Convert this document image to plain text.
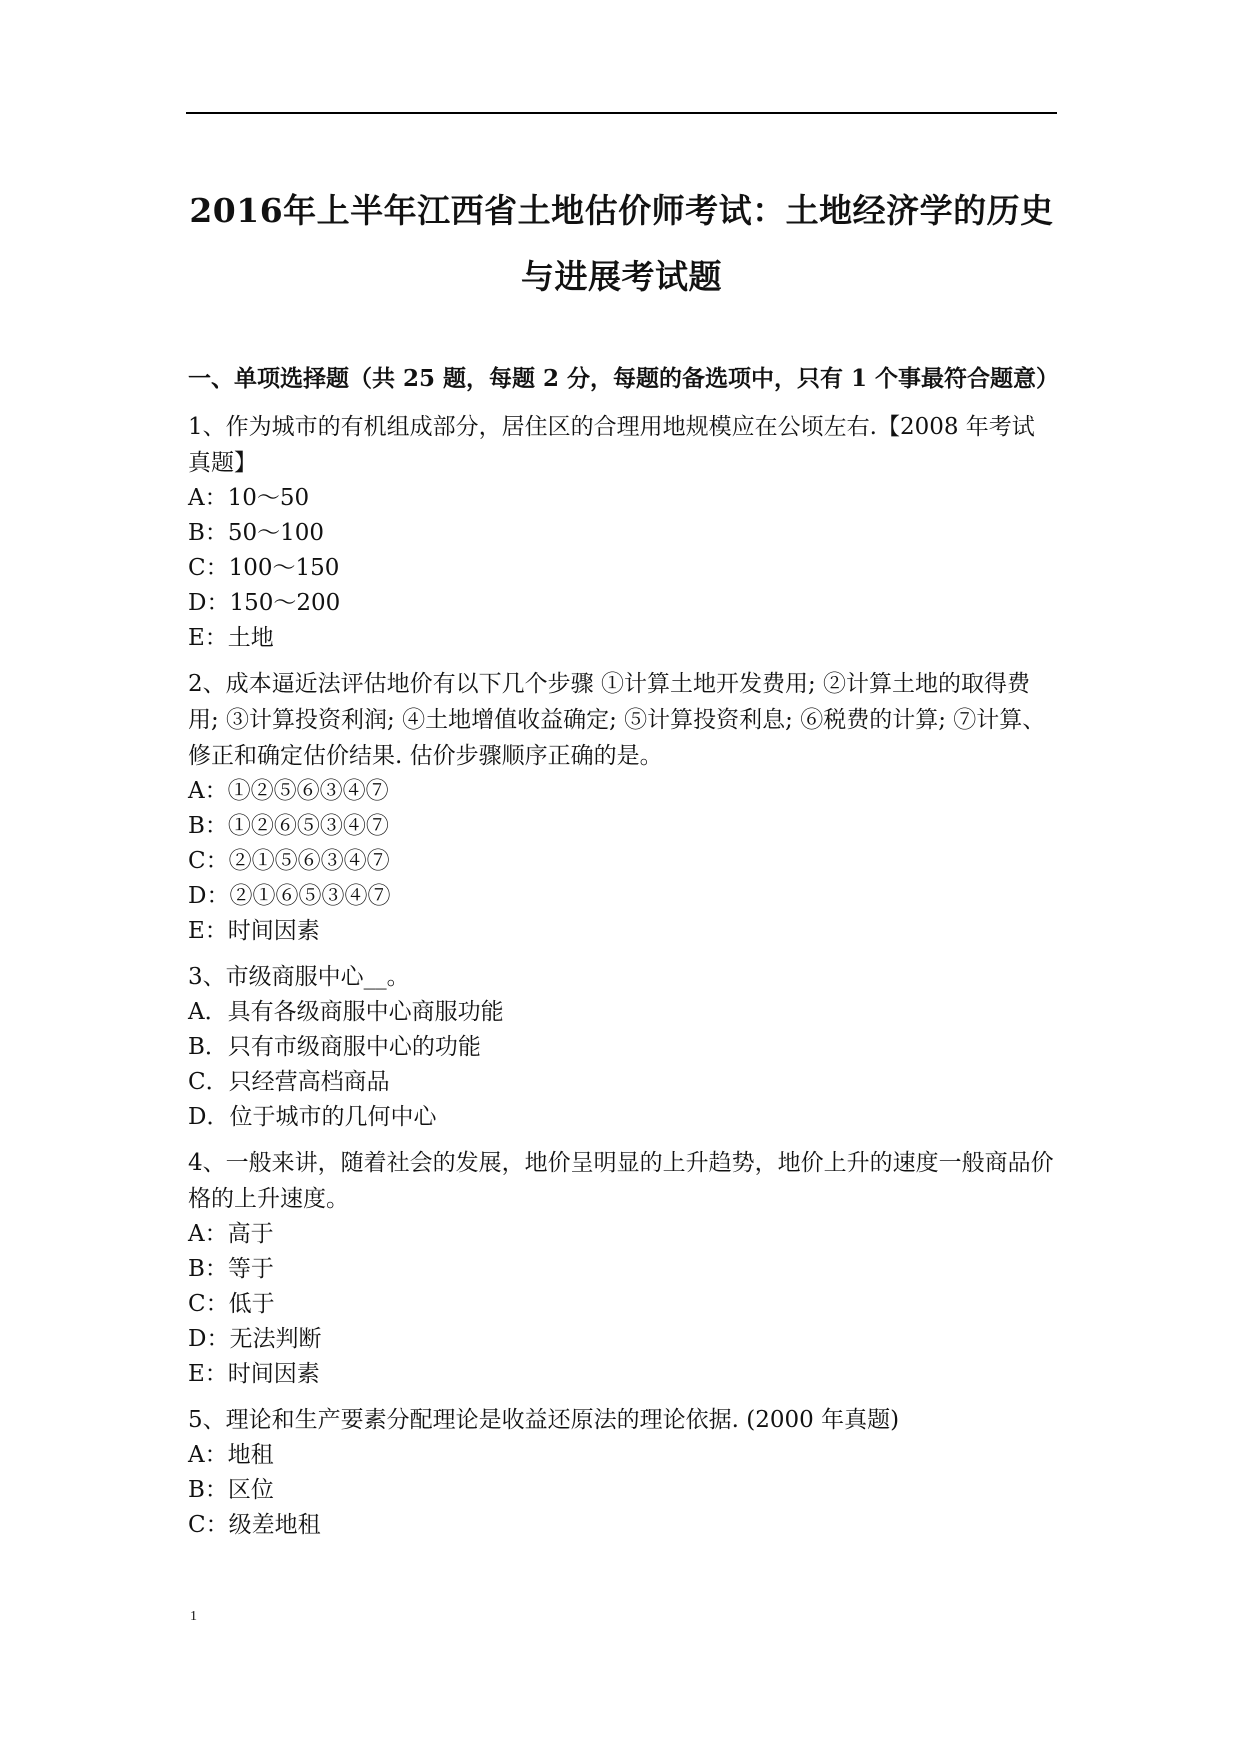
2016年上半年江西省土地估价师考试：土地经济学的历史
与进展考试题

一、单项选择题（共 25 题，每题 2 分，每题的备选项中，只有 1 个事最符合题意）

1、作为城市的有机组成部分，居住区的合理用地规模应在公顷左右.【2008 年考试真题】

A：10～50

B：50～100

C：100～150

D：150～200

E：土地

2、成本逼近法评估地价有以下几个步骤 ①计算土地开发费用; ②计算土地的取得费用; ③计算投资利润; ④土地增值收益确定; ⑤计算投资利息; ⑥税费的计算; ⑦计算、修正和确定估价结果. 估价步骤顺序正确的是。

A：①②⑤⑥③④⑦

B：①②⑥⑤③④⑦

C：②①⑤⑥③④⑦

D：②①⑥⑤③④⑦

E：时间因素

3、市级商服中心__。

A．具有各级商服中心商服功能

B．只有市级商服中心的功能

C．只经营高档商品

D．位于城市的几何中心

4、一般来讲，随着社会的发展，地价呈明显的上升趋势，地价上升的速度一般商品价格的上升速度。

A：高于

B：等于

C：低于

D：无法判断

E：时间因素

5、理论和生产要素分配理论是收益还原法的理论依据. (2000 年真题)

A：地租

B：区位

C：级差地租

1
